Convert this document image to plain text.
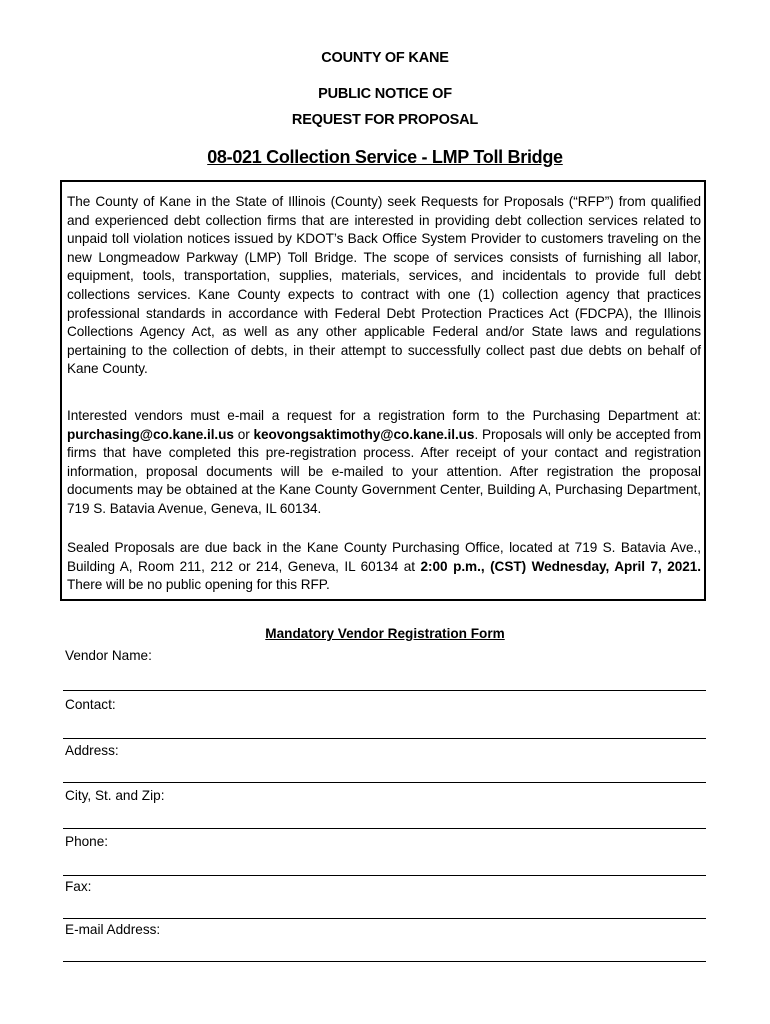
COUNTY OF KANE
PUBLIC NOTICE OF
REQUEST FOR PROPOSAL
08-021 Collection Service - LMP Toll Bridge
The County of Kane in the State of Illinois (County) seek Requests for Proposals (“RFP”) from qualified and experienced debt collection firms that are interested in providing debt collection services related to unpaid toll violation notices issued by KDOT’s Back Office System Provider to customers traveling on the new Longmeadow Parkway (LMP) Toll Bridge. The scope of services consists of furnishing all labor, equipment, tools, transportation, supplies, materials, services, and incidentals to provide full debt collections services. Kane County expects to contract with one (1) collection agency that practices professional standards in accordance with Federal Debt Protection Practices Act (FDCPA), the Illinois Collections Agency Act, as well as any other applicable Federal and/or State laws and regulations pertaining to the collection of debts, in their attempt to successfully collect past due debts on behalf of Kane County.
Interested vendors must e-mail a request for a registration form to the Purchasing Department at: purchasing@co.kane.il.us or keovongsaktimothy@co.kane.il.us. Proposals will only be accepted from firms that have completed this pre-registration process. After receipt of your contact and registration information, proposal documents will be e-mailed to your attention. After registration the proposal documents may be obtained at the Kane County Government Center, Building A, Purchasing Department, 719 S. Batavia Avenue, Geneva, IL 60134.
Sealed Proposals are due back in the Kane County Purchasing Office, located at 719 S. Batavia Ave., Building A, Room 211, 212 or 214, Geneva, IL 60134 at 2:00 p.m., (CST) Wednesday, April 7, 2021. There will be no public opening for this RFP.
Mandatory Vendor Registration Form
Vendor Name:
Contact:
Address:
City, St. and Zip:
Phone:
Fax:
E-mail Address:
